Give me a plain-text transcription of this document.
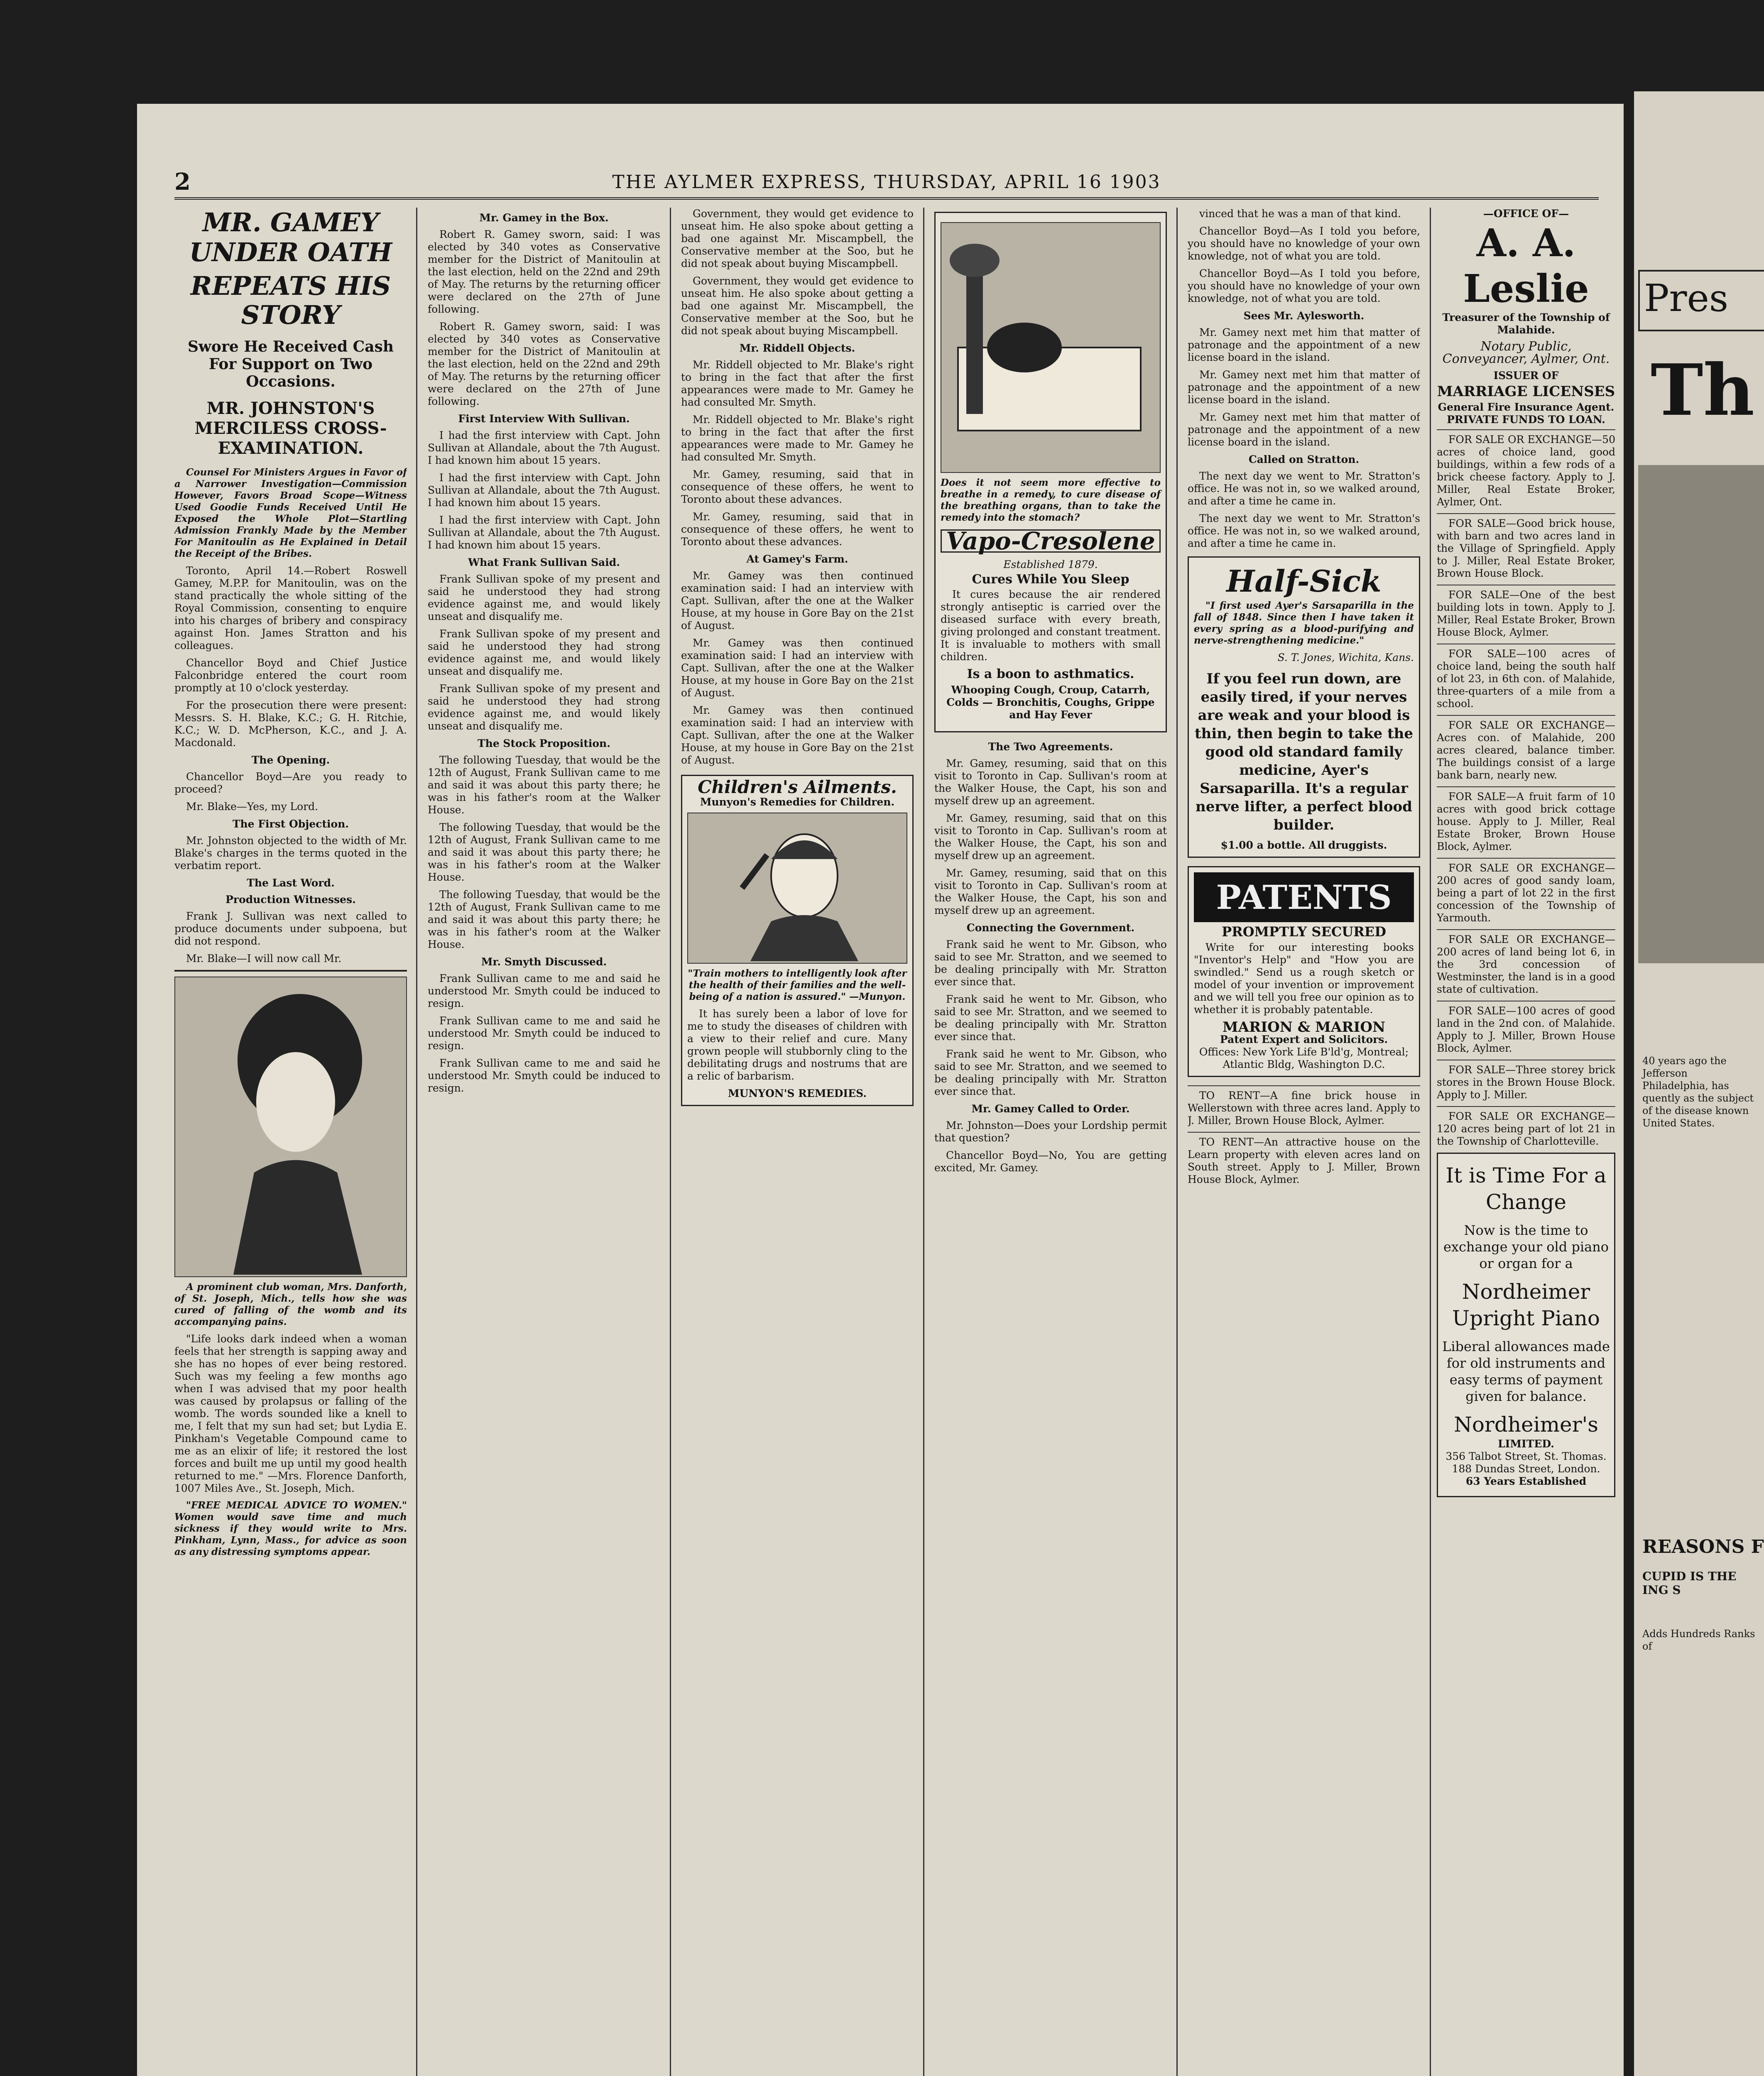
2	THE AYLMER EXPRESS, THURSDAY, APRIL 16 1903
MR. GAMEY UNDER OATH
REPEATS HIS STORY
Swore He Received Cash For Support on Two Occasions.
MR. JOHNSTON'S MERCILESS CROSS-EXAMINATION.

Counsel For Ministers Argues in Favor of a Narrower Investigation—Commission However, Favors Broad Scope—Witness Used Goodie Funds Received Until He Exposed the Whole Plot—Startling Admission Frankly Made by the Member For Manitoulin as He Explained in Detail the Receipt of the Bribes.

Toronto, April 14.—Robert Roswell Gamey, M.P.P. for Manitoulin, was on the stand practically the whole sitting of the Royal Commission, consenting to enquire into his charges of bribery and conspiracy against Hon. James Stratton and his colleagues.

Chancellor Boyd and Chief Justice Falconbridge entered the court room promptly at 10 o'clock yesterday.

For the prosecution there were present: Messrs. S. H. Blake, K.C.; G. H. Ritchie, K.C.; W. D. McPherson, K.C., and J. A. Macdonald.

The Opening.

Chancellor Boyd—Are you ready to proceed?

Mr. Blake—Yes, my Lord.

The First Objection.

Mr. Johnston objected to the width of Mr. Blake's charges in the terms quoted in the verbatim report.

The Last Word.
Production Witnesses.

Frank J. Sullivan was next called to produce documents under subpoena, but did not respond.

Mr. Blake—I will now call Mr.

A prominent club woman, Mrs. Danforth, of St. Joseph, Mich., tells how she was cured of falling of the womb and its accompanying pains.

"Life looks dark indeed when a woman feels that her strength is sapping away and she has no hopes of ever being restored. Such was my feeling a few months ago when I was advised that my poor health was caused by prolapsus or falling of the womb. The words sounded like a knell to me, I felt that my sun had set; but Lydia E. Pinkham's Vegetable Compound came to me as an elixir of life; it restored the lost forces and built me up until my good health returned to me." —Mrs. Florence Danforth, 1007 Miles Ave., St. Joseph, Mich.

"FREE MEDICAL ADVICE TO WOMEN." Women would save time and much sickness if they would write to Mrs. Pinkham, Lynn, Mass., for advice as soon as any distressing symptoms appear.

Mr. Gamey in the Box.

Robert R. Gamey sworn, said: I was elected by 340 votes as Conservative member for the District of Manitoulin at the last election, held on the 22nd and 29th of May. The returns by the returning officer were declared on the 27th of June following.

Robert R. Gamey sworn, said: I was elected by 340 votes as Conservative member for the District of Manitoulin at the last election, held on the 22nd and 29th of May. The returns by the returning officer were declared on the 27th of June following.

First Interview With Sullivan.

I had the first interview with Capt. John Sullivan at Allandale, about the 7th August. I had known him about 15 years.

I had the first interview with Capt. John Sullivan at Allandale, about the 7th August. I had known him about 15 years.

I had the first interview with Capt. John Sullivan at Allandale, about the 7th August. I had known him about 15 years.

What Frank Sullivan Said.

Frank Sullivan spoke of my present and said he understood they had strong evidence against me, and would likely unseat and disqualify me.

Frank Sullivan spoke of my present and said he understood they had strong evidence against me, and would likely unseat and disqualify me.

Frank Sullivan spoke of my present and said he understood they had strong evidence against me, and would likely unseat and disqualify me.

The Stock Proposition.

The following Tuesday, that would be the 12th of August, Frank Sullivan came to me and said it was about this party there; he was in his father's room at the Walker House.

The following Tuesday, that would be the 12th of August, Frank Sullivan came to me and said it was about this party there; he was in his father's room at the Walker House.

The following Tuesday, that would be the 12th of August, Frank Sullivan came to me and said it was about this party there; he was in his father's room at the Walker House.

Mr. Smyth Discussed.

Frank Sullivan came to me and said he understood Mr. Smyth could be induced to resign.

Frank Sullivan came to me and said he understood Mr. Smyth could be induced to resign.

Frank Sullivan came to me and said he understood Mr. Smyth could be induced to resign.

Government, they would get evidence to unseat him. He also spoke about getting a bad one against Mr. Miscampbell, the Conservative member at the Soo, but he did not speak about buying Miscampbell.

Government, they would get evidence to unseat him. He also spoke about getting a bad one against Mr. Miscampbell, the Conservative member at the Soo, but he did not speak about buying Miscampbell.

Mr. Riddell Objects.

Mr. Riddell objected to Mr. Blake's right to bring in the fact that after the first appearances were made to Mr. Gamey he had consulted Mr. Smyth.

Mr. Riddell objected to Mr. Blake's right to bring in the fact that after the first appearances were made to Mr. Gamey he had consulted Mr. Smyth.

Mr. Gamey, resuming, said that in consequence of these offers, he went to Toronto about these advances.

Mr. Gamey, resuming, said that in consequence of these offers, he went to Toronto about these advances.

At Gamey's Farm.

Mr. Gamey was then continued examination said: I had an interview with Capt. Sullivan, after the one at the Walker House, at my house in Gore Bay on the 21st of August.

Mr. Gamey was then continued examination said: I had an interview with Capt. Sullivan, after the one at the Walker House, at my house in Gore Bay on the 21st of August.

Mr. Gamey was then continued examination said: I had an interview with Capt. Sullivan, after the one at the Walker House, at my house in Gore Bay on the 21st of August.

Children's Ailments.
Munyon's Remedies for Children.

"Train mothers to intelligently look after the health of their families and the well-being of a nation is assured." —Munyon.

It has surely been a labor of love for me to study the diseases of children with a view to their relief and cure. Many grown people will stubbornly cling to the debilitating drugs and nostrums that are a relic of barbarism.

MUNYON'S REMEDIES.

Does it not seem more effective to breathe in a remedy, to cure disease of the breathing organs, than to take the remedy into the stomach?

Vapo-Cresolene
Established 1879.
Cures While You Sleep

It cures because the air rendered strongly antiseptic is carried over the diseased surface with every breath, giving prolonged and constant treatment. It is invaluable to mothers with small children.

Is a boon to asthmatics.

Whooping Cough, Croup, Catarrh, Colds — Bronchitis, Coughs, Grippe and Hay Fever

The Two Agreements.

Mr. Gamey, resuming, said that on this visit to Toronto in Cap. Sullivan's room at the Walker House, the Capt, his son and myself drew up an agreement.

Mr. Gamey, resuming, said that on this visit to Toronto in Cap. Sullivan's room at the Walker House, the Capt, his son and myself drew up an agreement.

Mr. Gamey, resuming, said that on this visit to Toronto in Cap. Sullivan's room at the Walker House, the Capt, his son and myself drew up an agreement.

Connecting the Government.

Frank said he went to Mr. Gibson, who said to see Mr. Stratton, and we seemed to be dealing principally with Mr. Stratton ever since that.

Frank said he went to Mr. Gibson, who said to see Mr. Stratton, and we seemed to be dealing principally with Mr. Stratton ever since that.

Frank said he went to Mr. Gibson, who said to see Mr. Stratton, and we seemed to be dealing principally with Mr. Stratton ever since that.

Mr. Gamey Called to Order.

Mr. Johnston—Does your Lordship permit that question?

Chancellor Boyd—No, You are getting excited, Mr. Gamey.

vinced that he was a man of that kind.

Chancellor Boyd—As I told you before, you should have no knowledge of your own knowledge, not of what you are told.

Chancellor Boyd—As I told you before, you should have no knowledge of your own knowledge, not of what you are told.

Sees Mr. Aylesworth.

Mr. Gamey next met him that matter of patronage and the appointment of a new license board in the island.

Mr. Gamey next met him that matter of patronage and the appointment of a new license board in the island.

Mr. Gamey next met him that matter of patronage and the appointment of a new license board in the island.

Called on Stratton.

The next day we went to Mr. Stratton's office. He was not in, so we walked around, and after a time he came in.

The next day we went to Mr. Stratton's office. He was not in, so we walked around, and after a time he came in.

Half-Sick

"I first used Ayer's Sarsaparilla in the fall of 1848. Since then I have taken it every spring as a blood-purifying and nerve-strengthening medicine."

S. T. Jones, Wichita, Kans.

If you feel run down, are easily tired, if your nerves are weak and your blood is thin, then begin to take the good old standard family medicine, Ayer's Sarsaparilla. It's a regular nerve lifter, a perfect blood builder.

$1.00 a bottle. All druggists.
PATENTS
PROMPTLY SECURED

Write for our interesting books "Inventor's Help" and "How you are swindled." Send us a rough sketch or model of your invention or improvement and we will tell you free our opinion as to whether it is probably patentable.

MARION & MARION
Patent Expert and Solicitors.
Offices: New York Life B'ld'g, Montreal; Atlantic Bldg, Washington D.C.

TO RENT—A fine brick house in Wellerstown with three acres land. Apply to J. Miller, Brown House Block, Aylmer.

TO RENT—An attractive house on the Learn property with eleven acres land on South street. Apply to J. Miller, Brown House Block, Aylmer.

—OFFICE OF—
A. A. Leslie
Treasurer of the Township of Malahide.
Notary Public, Conveyancer, Aylmer, Ont.
ISSUER OF
MARRIAGE LICENSES
General Fire Insurance Agent. PRIVATE FUNDS TO LOAN.

FOR SALE OR EXCHANGE—50 acres of choice land, good buildings, within a few rods of a brick cheese factory. Apply to J. Miller, Real Estate Broker, Aylmer, Ont.

FOR SALE—Good brick house, with barn and two acres land in the Village of Springfield. Apply to J. Miller, Real Estate Broker, Brown House Block.

FOR SALE—One of the best building lots in town. Apply to J. Miller, Real Estate Broker, Brown House Block, Aylmer.

FOR SALE—100 acres of choice land, being the south half of lot 23, in 6th con. of Malahide, three-quarters of a mile from a school.

FOR SALE OR EXCHANGE—Acres con. of Malahide, 200 acres cleared, balance timber. The buildings consist of a large bank barn, nearly new.

FOR SALE—A fruit farm of 10 acres with good brick cottage house. Apply to J. Miller, Real Estate Broker, Brown House Block, Aylmer.

FOR SALE OR EXCHANGE—200 acres of good sandy loam, being a part of lot 22 in the first concession of the Township of Yarmouth.

FOR SALE OR EXCHANGE—200 acres of land being lot 6, in the 3rd concession of Westminster, the land is in a good state of cultivation.

FOR SALE—100 acres of good land in the 2nd con. of Malahide. Apply to J. Miller, Brown House Block, Aylmer.

FOR SALE—Three storey brick stores in the Brown House Block. Apply to J. Miller.

FOR SALE OR EXCHANGE—120 acres being part of lot 21 in the Township of Charlotteville.

It is Time For a Change

Now is the time to exchange your old piano or organ for a

Nordheimer Upright Piano

Liberal allowances made for old instruments and easy terms of payment given for balance.

Nordheimer's
LIMITED.
356 Talbot Street, St. Thomas. 188 Dundas Street, London.
63 Years Established
Pres
Th
40 years ago the Jefferson Philadelphia, has quently as the subject of the disease known United States.
REASONS F
CUPID IS THE ING S
Adds Hundreds Ranks of
